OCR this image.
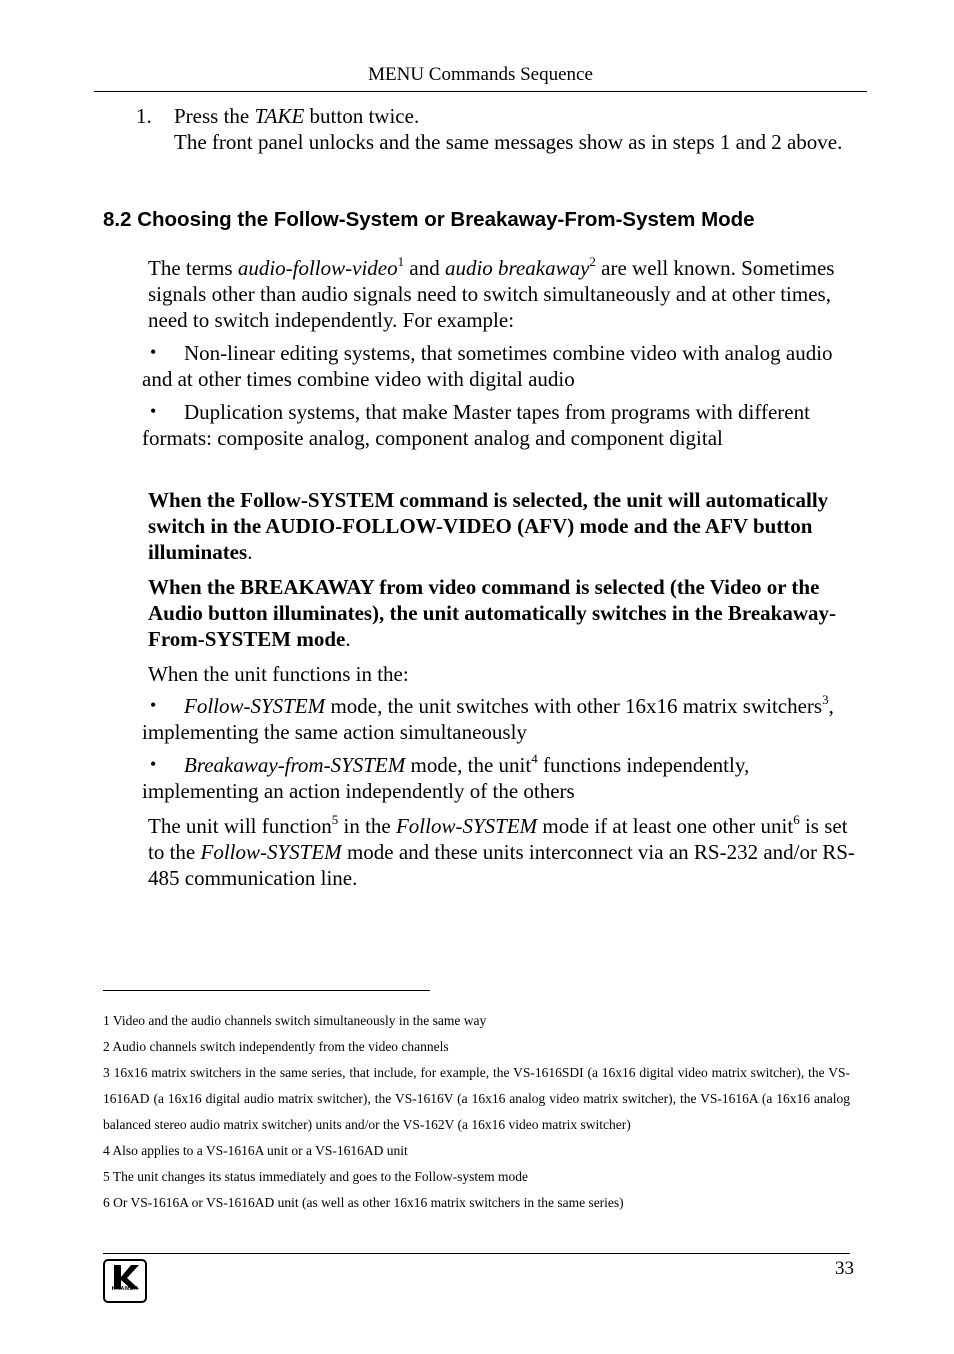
MENU Commands Sequence
1. Press the TAKE button twice.
The front panel unlocks and the same messages show as in steps 1 and 2 above.
8.2 Choosing the Follow-System or Breakaway-From-System Mode
The terms audio-follow-video$^1$ and audio breakaway$^2$ are well known. Sometimes signals other than audio signals need to switch simultaneously and at other times, need to switch independently. For example:
•	Non-linear editing systems, that sometimes combine video with analog audio and at other times combine video with digital audio
•	Duplication systems, that make Master tapes from programs with different formats: composite analog, component analog and component digital
When the Follow-SYSTEM command is selected, the unit will automatically switch in the AUDIO-FOLLOW-VIDEO (AFV) mode and the AFV button illuminates.
When the BREAKAWAY from video command is selected (the Video or the Audio button illuminates), the unit automatically switches in the Breakaway-From-SYSTEM mode.
When the unit functions in the:
•	Follow-SYSTEM mode, the unit switches with other 16x16 matrix switchers$^3$, implementing the same action simultaneously
•	Breakaway-from-SYSTEM mode, the unit$^4$ functions independently, implementing an action independently of the others
The unit will function$^5$ in the Follow-SYSTEM mode if at least one other unit$^6$ is set to the Follow-SYSTEM mode and these units interconnect via an RS-232 and/or RS-485 communication line.

1 Video and the audio channels switch simultaneously in the same way

2 Audio channels switch independently from the video channels

3 16x16 matrix switchers in the same series, that include, for example, the VS-1616SDI (a 16x16 digital video matrix switcher), the VS-1616AD (a 16x16 digital audio matrix switcher), the VS-1616V (a 16x16 analog video matrix switcher), the VS-1616A (a 16x16 analog balanced stereo audio matrix switcher) units and/or the VS-162V (a 16x16 video matrix switcher)

4 Also applies to a VS-1616A unit or a VS-1616AD unit

5 The unit changes its status immediately and goes to the Follow-system mode

6 Or VS-1616A or VS-1616AD unit (as well as other 16x16 matrix switchers in the same series)

KRAMER
33
